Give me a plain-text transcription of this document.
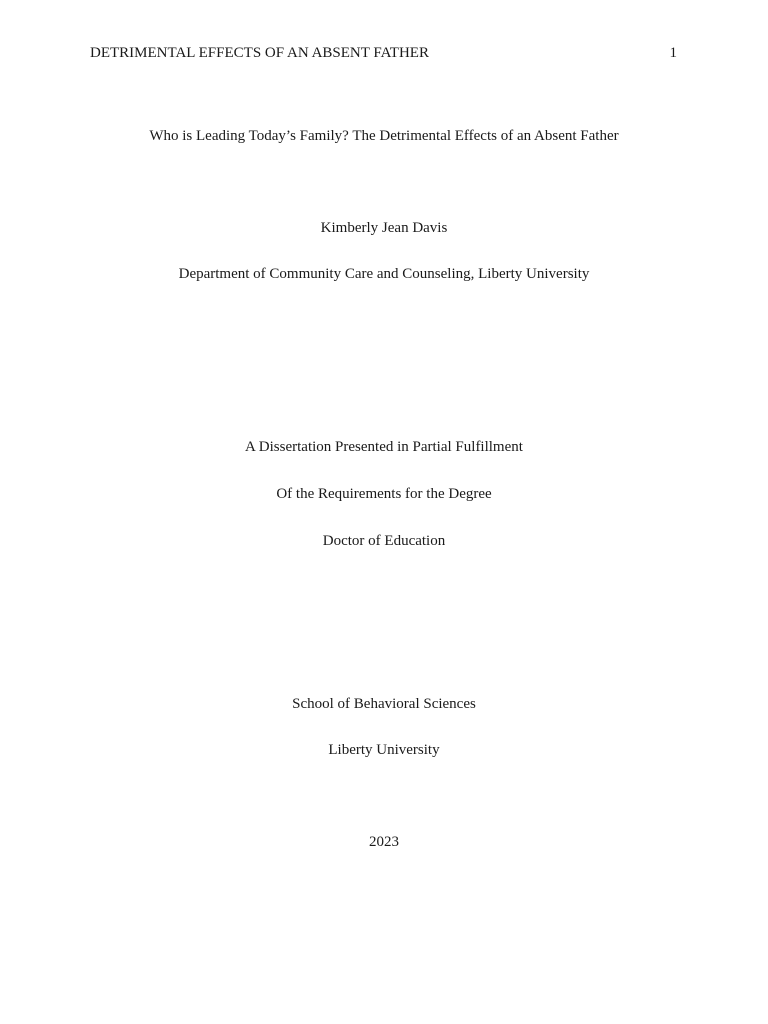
DETRIMENTAL EFFECTS OF AN ABSENT FATHER	1
Who is Leading Today’s Family? The Detrimental Effects of an Absent Father
Kimberly Jean Davis
Department of Community Care and Counseling, Liberty University
A Dissertation Presented in Partial Fulfillment
Of the Requirements for the Degree
Doctor of Education
School of Behavioral Sciences
Liberty University
2023
